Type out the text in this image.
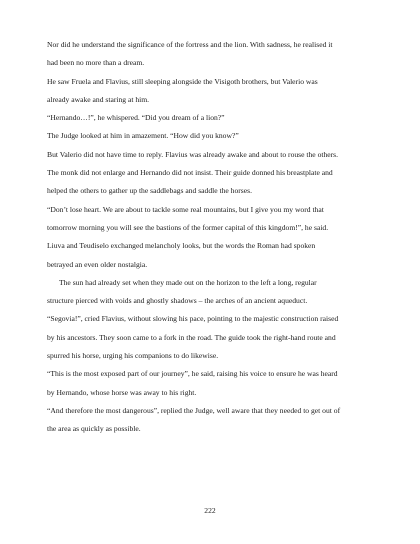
Nor did he understand the significance of the fortress and the lion. With sadness, he realised it

had been no more than a dream.

He saw Fruela and Flavius, still sleeping alongside the Visigoth brothers, but Valerio was

already awake and staring at him.

“Hernando…!”, he whispered. “Did you dream of a lion?”

The Judge looked at him in amazement. “How did you know?”

But Valerio did not have time to reply. Flavius was already awake and about to rouse the others.

The monk did not enlarge and Hernando did not insist. Their guide donned his breastplate and

helped the others to gather up the saddlebags and saddle the horses.

“Don’t lose heart. We are about to tackle some real mountains, but I give you my word that

tomorrow morning you will see the bastions of the former capital of this kingdom!”, he said.

Liuva and Teudiselo exchanged melancholy looks, but the words the Roman had spoken

betrayed an even older nostalgia.

The sun had already set when they made out on the horizon to the left a long, regular

structure pierced with voids and ghostly shadows – the arches of an ancient aqueduct.

“Segovia!”, cried Flavius, without slowing his pace, pointing to the majestic construction raised

by his ancestors. They soon came to a fork in the road. The guide took the right-hand route and

spurred his horse, urging his companions to do likewise.

“This is the most exposed part of our journey”, he said, raising his voice to ensure he was heard

by Hernando, whose horse was away to his right.

“And therefore the most dangerous”, replied the Judge, well aware that they needed to get out of

the area as quickly as possible.

222
